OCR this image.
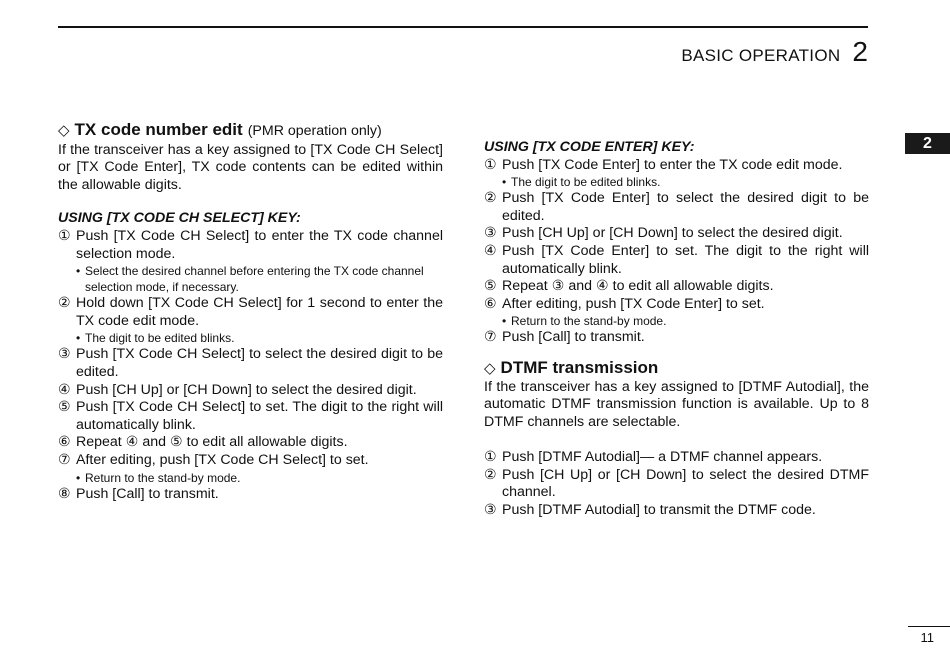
BASIC OPERATION 2
2
◇ TX code number edit (PMR operation only)

If the transceiver has a key assigned to [TX Code CH Select] or [TX Code Enter], TX code contents can be edited within the allowable digits.

USING [TX CODE CH SELECT] KEY:
① Push [TX Code CH Select] to enter the TX code channel selection mode.
• Select the desired channel before entering the TX code channel selection mode, if necessary.
② Hold down [TX Code CH Select] for 1 second to enter the TX code edit mode.
• The digit to be edited blinks.
③ Push [TX Code CH Select] to select the desired digit to be edited.
④ Push [CH Up] or [CH Down] to select the desired digit.
⑤ Push [TX Code CH Select] to set. The digit to the right will automatically blink.
⑥ Repeat ④ and ⑤ to edit all allowable digits.
⑦ After editing, push [TX Code CH Select] to set.
• Return to the stand-by mode.
⑧ Push [Call] to transmit.
USING [TX CODE ENTER] KEY:
① Push [TX Code Enter] to enter the TX code edit mode.
• The digit to be edited blinks.
② Push [TX Code Enter] to select the desired digit to be edited.
③ Push [CH Up] or [CH Down] to select the desired digit.
④ Push [TX Code Enter] to set. The digit to the right will automatically blink.
⑤ Repeat ③ and ④ to edit all allowable digits.
⑥ After editing, push [TX Code Enter] to set.
• Return to the stand-by mode.
⑦ Push [Call] to transmit.
◇ DTMF transmission

If the transceiver has a key assigned to [DTMF Autodial], the automatic DTMF transmission function is available. Up to 8 DTMF channels are selectable.

① Push [DTMF Autodial]— a DTMF channel appears.
② Push [CH Up] or [CH Down] to select the desired DTMF channel.
③ Push [DTMF Autodial] to transmit the DTMF code.
11
